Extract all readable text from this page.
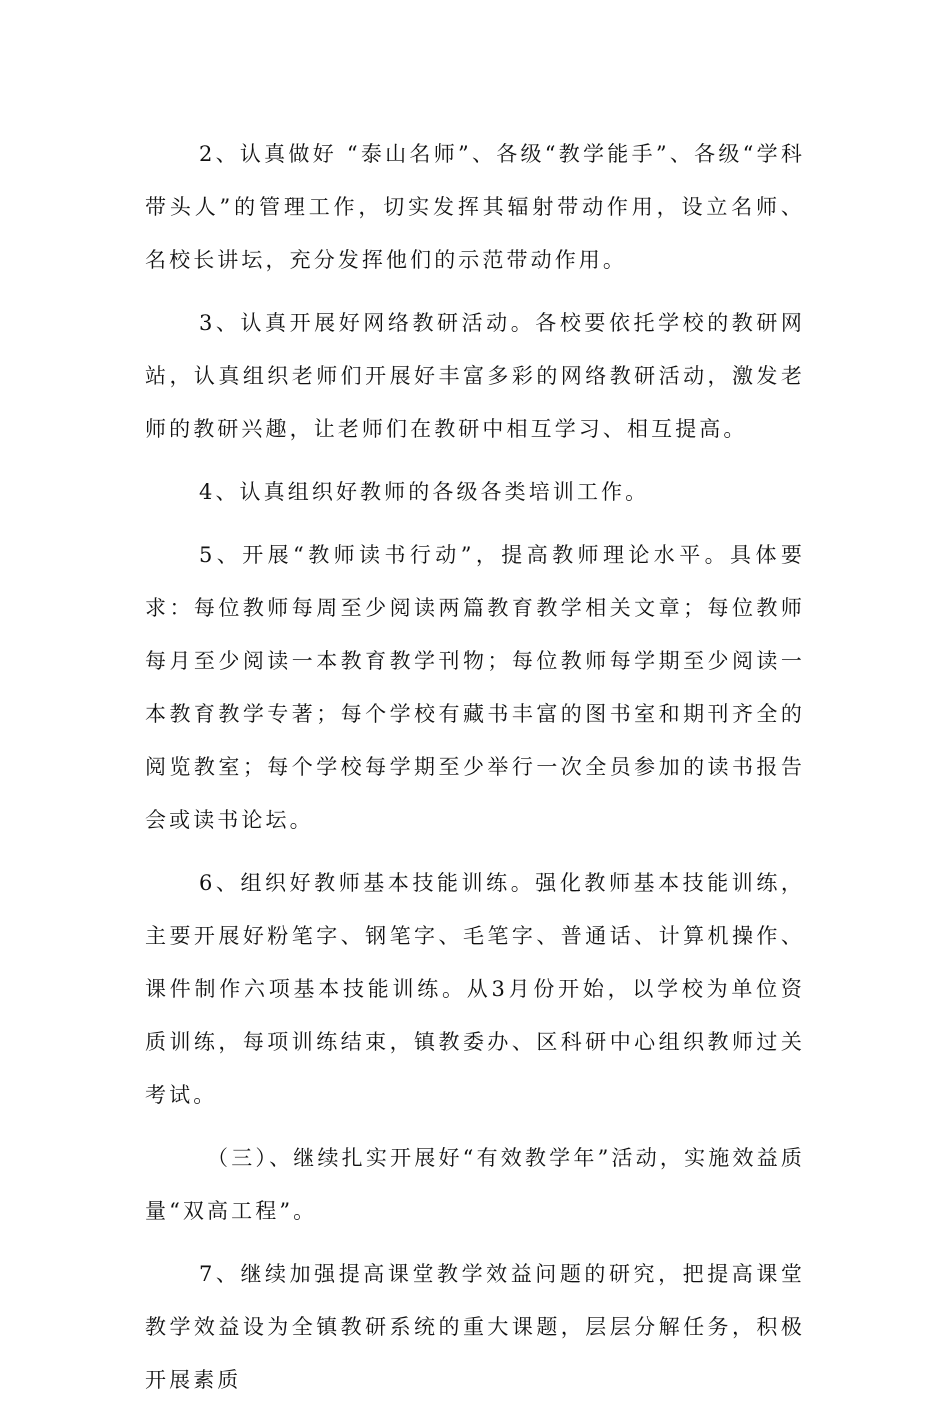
2、认真做好 “泰山名师”、各级“教学能手”、各级“学科带头人”的管理工作，切实发挥其辐射带动作用，设立名师、名校长讲坛，充分发挥他们的示范带动作用。

3、认真开展好网络教研活动。各校要依托学校的教研网站，认真组织老师们开展好丰富多彩的网络教研活动，激发老师的教研兴趣，让老师们在教研中相互学习、相互提高。

4、认真组织好教师的各级各类培训工作。

5、开展“教师读书行动”，提高教师理论水平。具体要求：每位教师每周至少阅读两篇教育教学相关文章；每位教师每月至少阅读一本教育教学刊物；每位教师每学期至少阅读一本教育教学专著；每个学校有藏书丰富的图书室和期刊齐全的阅览教室；每个学校每学期至少举行一次全员参加的读书报告会或读书论坛。

6、组织好教师基本技能训练。强化教师基本技能训练，主要开展好粉笔字、钢笔字、毛笔字、普通话、计算机操作、课件制作六项基本技能训练。从3月份开始，以学校为单位资质训练，每项训练结束，镇教委办、区科研中心组织教师过关考试。

（三）、继续扎实开展好“有效教学年”活动，实施效益质量“双高工程”。

7、继续加强提高课堂教学效益问题的研究，把提高课堂教学效益设为全镇教研系统的重大课题，层层分解任务，积极开展素质
